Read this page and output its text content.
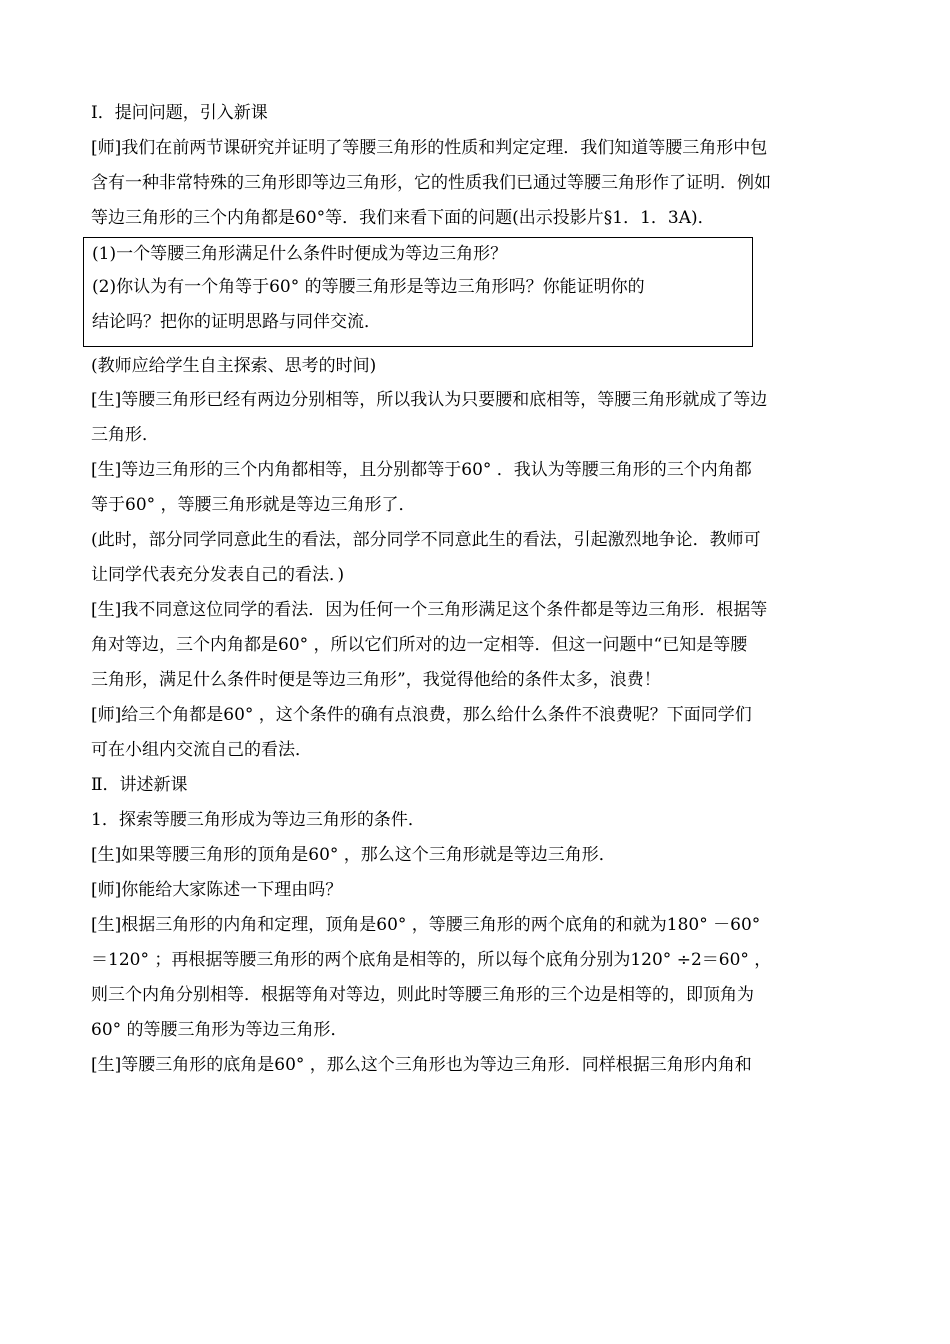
Ⅰ．提问问题，引入新课
[师]我们在前两节课研究并证明了等腰三角形的性质和判定定理．我们知道等腰三角形中包
含有一种非常特殊的三角形即等边三角形，它的性质我们已通过等腰三角形作了证明．例如
等边三角形的三个内角都是60°等．我们来看下面的问题(出示投影片§1．1．3A)．
(1)一个等腰三角形满足什么条件时便成为等边三角形？
(2)你认为有一个角等于60° 的等腰三角形是等边三角形吗？你能证明你的
结论吗？把你的证明思路与同伴交流．
(教师应给学生自主探索、思考的时间)
[生]等腰三角形已经有两边分别相等，所以我认为只要腰和底相等，等腰三角形就成了等边
三角形．
[生]等边三角形的三个内角都相等，且分别都等于60° ．我认为等腰三角形的三个内角都
等于60° ，等腰三角形就是等边三角形了．
(此时，部分同学同意此生的看法，部分同学不同意此生的看法，引起激烈地争论．教师可
让同学代表充分发表自己的看法．)
[生]我不同意这位同学的看法．因为任何一个三角形满足这个条件都是等边三角形．根据等
角对等边，三个内角都是60° ，所以它们所对的边一定相等．但这一问题中“已知是等腰
三角形，满足什么条件时便是等边三角形”，我觉得他给的条件太多，浪费！
[师]给三个角都是60° ，这个条件的确有点浪费，那么给什么条件不浪费呢？下面同学们
可在小组内交流自己的看法．
Ⅱ．讲述新课
1．探索等腰三角形成为等边三角形的条件．
[生]如果等腰三角形的顶角是60° ，那么这个三角形就是等边三角形．
[师]你能给大家陈述一下理由吗？
[生]根据三角形的内角和定理，顶角是60° ，等腰三角形的两个底角的和就为180° －60°
＝120° ；再根据等腰三角形的两个底角是相等的，所以每个底角分别为120° ÷2＝60° ，
则三个内角分别相等．根据等角对等边，则此时等腰三角形的三个边是相等的，即顶角为
60° 的等腰三角形为等边三角形．
[生]等腰三角形的底角是60° ，那么这个三角形也为等边三角形．同样根据三角形内角和
